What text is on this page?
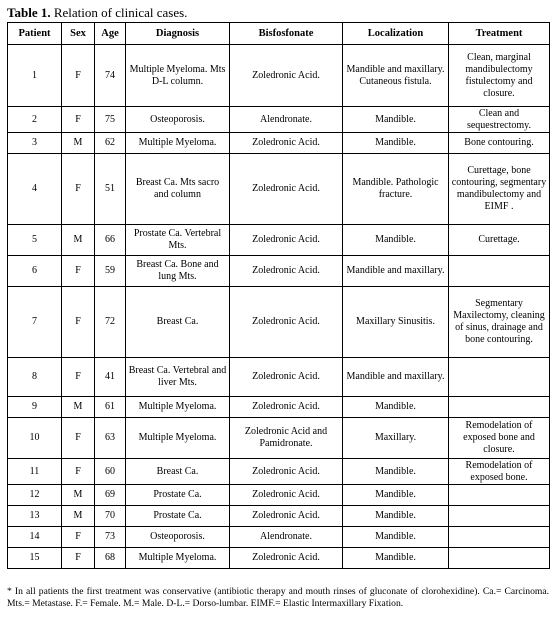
Table 1. Relation of clinical cases.
Patient	Sex	Age	Diagnosis	Bisfosfonate	Localization	Treatment
1	F	74	Multiple Myeloma. Mts D-L column.	Zoledronic Acid.	Mandible and maxillary. Cutaneous fistula.	Clean, marginal mandibulectomy fistulectomy and closure.
2	F	75	Osteoporosis.	Alendronate.	Mandible.	Clean and sequestrectomy.
3	M	62	Multiple Myeloma.	Zoledronic Acid.	Mandible.	Bone contouring.
4	F	51	Breast Ca. Mts sacro and column	Zoledronic Acid.	Mandible. Pathologic fracture.	Curettage, bone contouring, segmentary mandibulectomy and EIMF .
5	M	66	Prostate Ca. Vertebral Mts.	Zoledronic Acid.	Mandible.	Curettage.
6	F	59	Breast Ca. Bone and lung Mts.	Zoledronic Acid.	Mandible and maxillary.	
7	F	72	Breast Ca.	Zoledronic Acid.	Maxillary Sinusitis.	Segmentary Maxilectomy, cleaning of sinus, drainage and bone contouring.
8	F	41	Breast Ca. Vertebral and liver Mts.	Zoledronic Acid.	Mandible and maxillary.	
9	M	61	Multiple Myeloma.	Zoledronic Acid.	Mandible.	
10	F	63	Multiple Myeloma.	Zoledronic Acid and Pamidronate.	Maxillary.	Remodelation of exposed bone and closure.
11	F	60	Breast Ca.	Zoledronic Acid.	Mandible.	Remodelation of exposed bone.
12	M	69	Prostate Ca.	Zoledronic Acid.	Mandible.	
13	M	70	Prostate Ca.	Zoledronic Acid.	Mandible.	
14	F	73	Osteoporosis.	Alendronate.	Mandible.	
15	F	68	Multiple Myeloma.	Zoledronic Acid.	Mandible.	
* In all patients the first treatment was conservative (antibiotic therapy and mouth rinses of gluconate of clorohexidine). Ca.= Carcinoma. Mts.= Metastase. F.= Female. M.= Male. D-L.= Dorso-lumbar. EIMF.= Elastic Intermaxillary Fixation.
